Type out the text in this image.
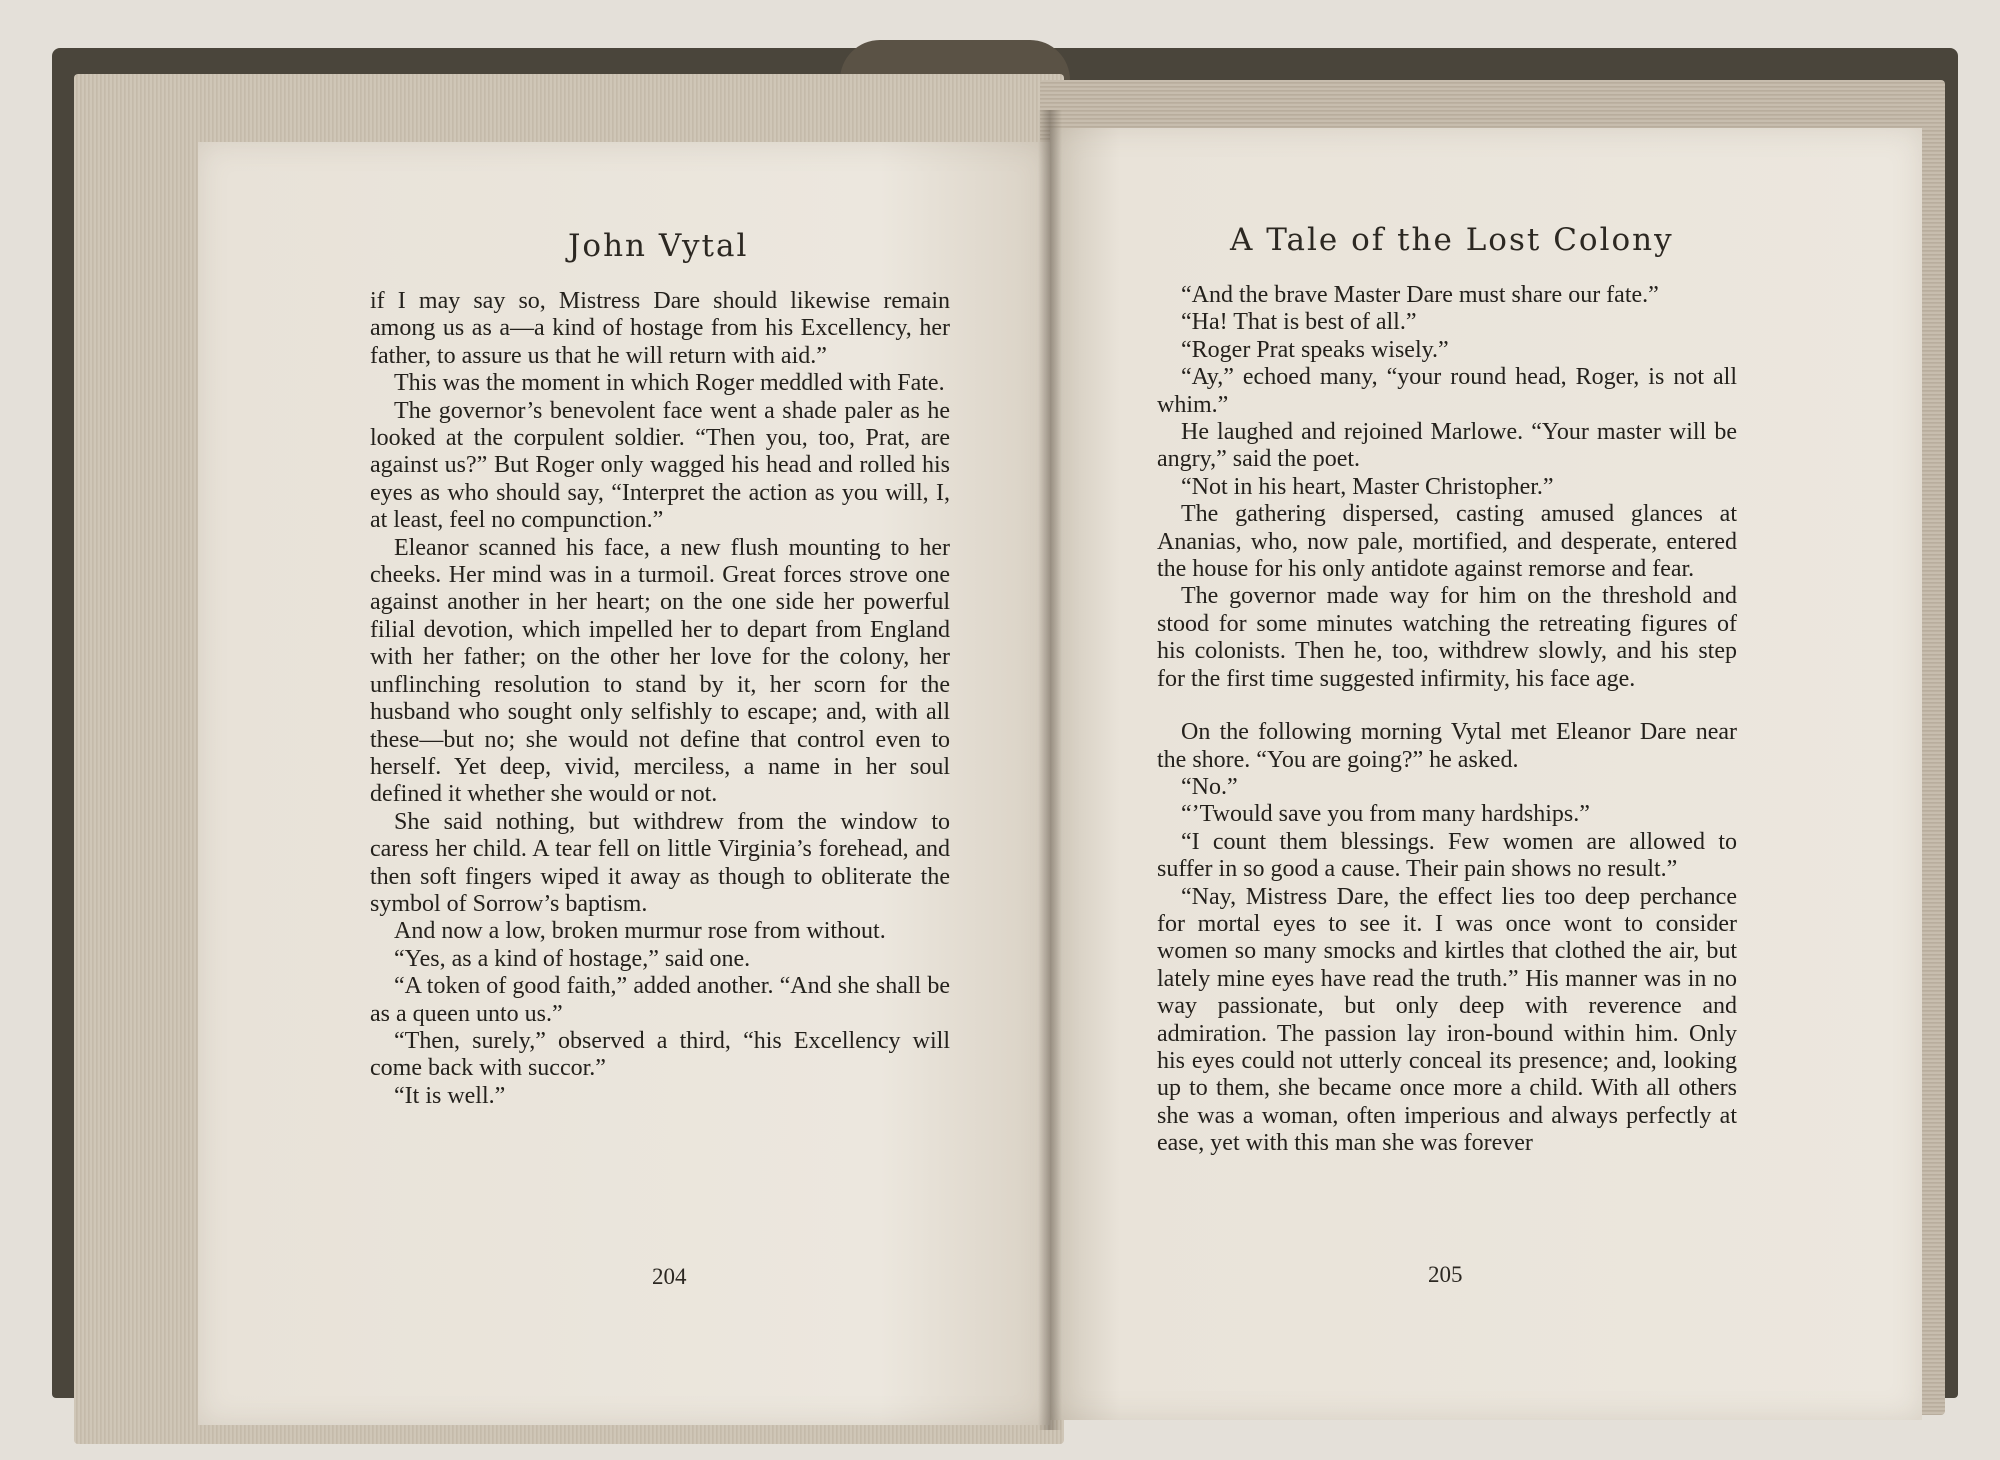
John Vytal

if I may say so, Mistress Dare should likewise remain among us as a—a kind of hostage from his Excellency, her father, to assure us that he will return with aid.”

This was the moment in which Roger meddled with Fate.

The governor’s benevolent face went a shade paler as he looked at the corpulent soldier. “Then you, too, Prat, are against us?” But Roger only wagged his head and rolled his eyes as who should say, “Interpret the action as you will, I, at least, feel no compunction.”

Eleanor scanned his face, a new flush mounting to her cheeks. Her mind was in a turmoil. Great forces strove one against another in her heart; on the one side her powerful filial devotion, which impelled her to depart from England with her father; on the other her love for the colony, her unflinching resolution to stand by it, her scorn for the husband who sought only selfishly to escape; and, with all these—but no; she would not define that control even to herself. Yet deep, vivid, merciless, a name in her soul defined it whether she would or not.

She said nothing, but withdrew from the window to caress her child. A tear fell on little Virginia’s forehead, and then soft fingers wiped it away as though to obliterate the symbol of Sorrow’s baptism.

And now a low, broken murmur rose from without.

“Yes, as a kind of hostage,” said one.

“A token of good faith,” added another. “And she shall be as a queen unto us.”

“Then, surely,” observed a third, “his Excellency will come back with succor.”

“It is well.”

204
A Tale of the Lost Colony

“And the brave Master Dare must share our fate.”

“Ha! That is best of all.”

“Roger Prat speaks wisely.”

“Ay,” echoed many, “your round head, Roger, is not all whim.”

He laughed and rejoined Marlowe. “Your master will be angry,” said the poet.

“Not in his heart, Master Christopher.”

The gathering dispersed, casting amused glances at Ananias, who, now pale, mortified, and desperate, entered the house for his only antidote against remorse and fear.

The governor made way for him on the threshold and stood for some minutes watching the retreating figures of his colonists. Then he, too, withdrew slowly, and his step for the first time suggested infirmity, his face age.

On the following morning Vytal met Eleanor Dare near the shore. “You are going?” he asked.

“No.”

“’Twould save you from many hardships.”

“I count them blessings. Few women are allowed to suffer in so good a cause. Their pain shows no result.”

“Nay, Mistress Dare, the effect lies too deep perchance for mortal eyes to see it. I was once wont to consider women so many smocks and kirtles that clothed the air, but lately mine eyes have read the truth.” His manner was in no way passionate, but only deep with reverence and admiration. The passion lay iron-bound within him. Only his eyes could not utterly conceal its presence; and, looking up to them, she became once more a child. With all others she was a woman, often imperious and always perfectly at ease, yet with this man she was forever

205
